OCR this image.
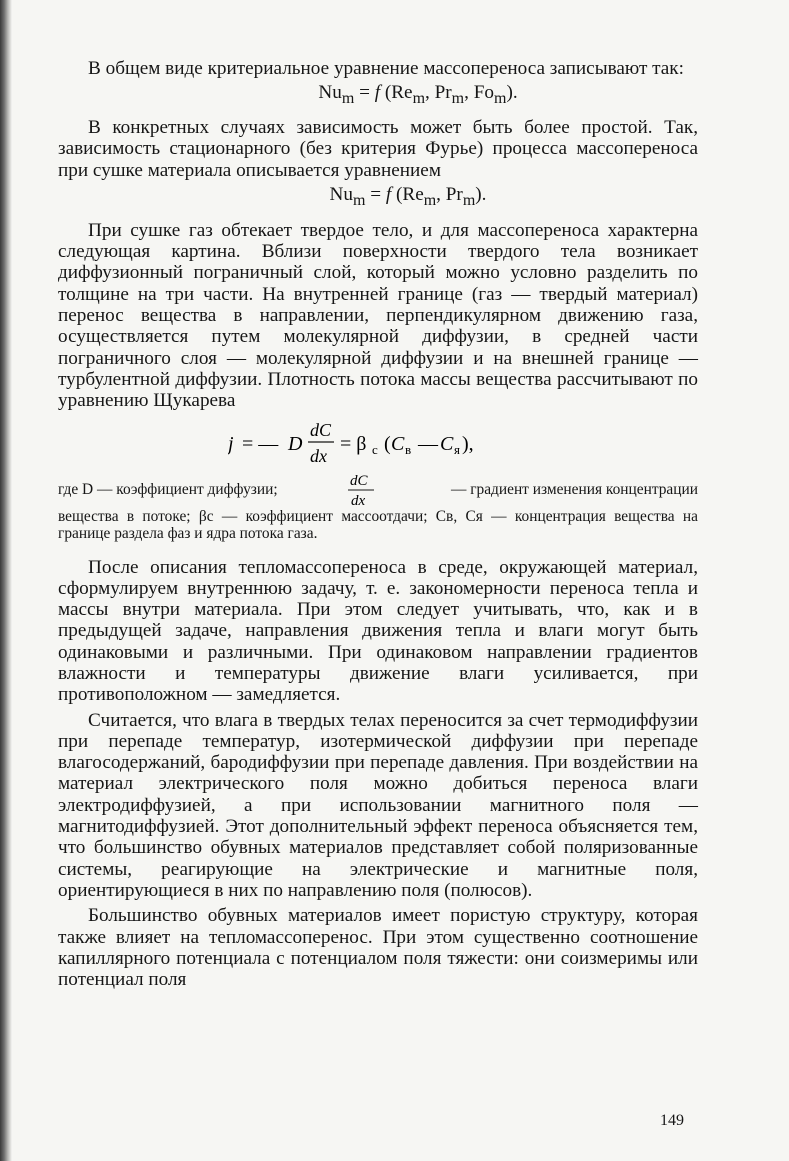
В общем виде критериальное уравнение массопереноса записывают так:

$Nu_m = f$ ($Re_m$, $Pr_m$, $Fo_m$).

В конкретных случаях зависимость может быть более простой. Так, зависимость стационарного (без критерия Фурье) процесса массопереноса при сушке материала описывается уравнением

$Nu_m = f$ ($Re_m$, $Pr_m$).

При сушке газ обтекает твердое тело, и для массопереноса характерна следующая картина. Вблизи поверхности твердого тела возникает диффузионный пограничный слой, который можно условно разделить по толщине на три части. На внутренней границе (газ — твердый материал) перенос вещества в направлении, перпендикулярном движению газа, осуществляется путем молекулярной диффузии, в средней части пограничного слоя — молекулярной диффузии и на внешней границе — турбулентной диффузии. Плотность потока массы вещества рассчитывают по уравнению Щукарева

j = — D
dC
dx
= β c ( C в — C я ),
где D — коэффициент диффузии;
dC
dx
— градиент изменения концентрации
вещества в потоке; βc — коэффициент массоотдачи; Cв, Cя — концентрация вещества на границе раздела фаз и ядра потока газа.

После описания тепломассопереноса в среде, окружающей материал, сформулируем внутреннюю задачу, т. е. закономерности переноса тепла и массы внутри материала. При этом следует учитывать, что, как и в предыдущей задаче, направления движения тепла и влаги могут быть одинаковыми и различными. При одинаковом направлении градиентов влажности и температуры движение влаги усиливается, при противоположном — замедляется.

Считается, что влага в твердых телах переносится за счет термодиффузии при перепаде температур, изотермической диффузии при перепаде влагосодержаний, бародиффузии при перепаде давления. При воздействии на материал электрического поля можно добиться переноса влаги электродиффузией, а при использовании магнитного поля — магнитодиффузией. Этот дополнительный эффект переноса объясняется тем, что большинство обувных материалов представляет собой поляризованные системы, реагирующие на электрические и магнитные поля, ориентирующиеся в них по направлению поля (полюсов).

Большинство обувных материалов имеет пористую структуру, которая также влияет на тепломассоперенос. При этом существенно соотношение капиллярного потенциала с потенциалом поля тяжести: они соизмеримы или потенциал поля

149
